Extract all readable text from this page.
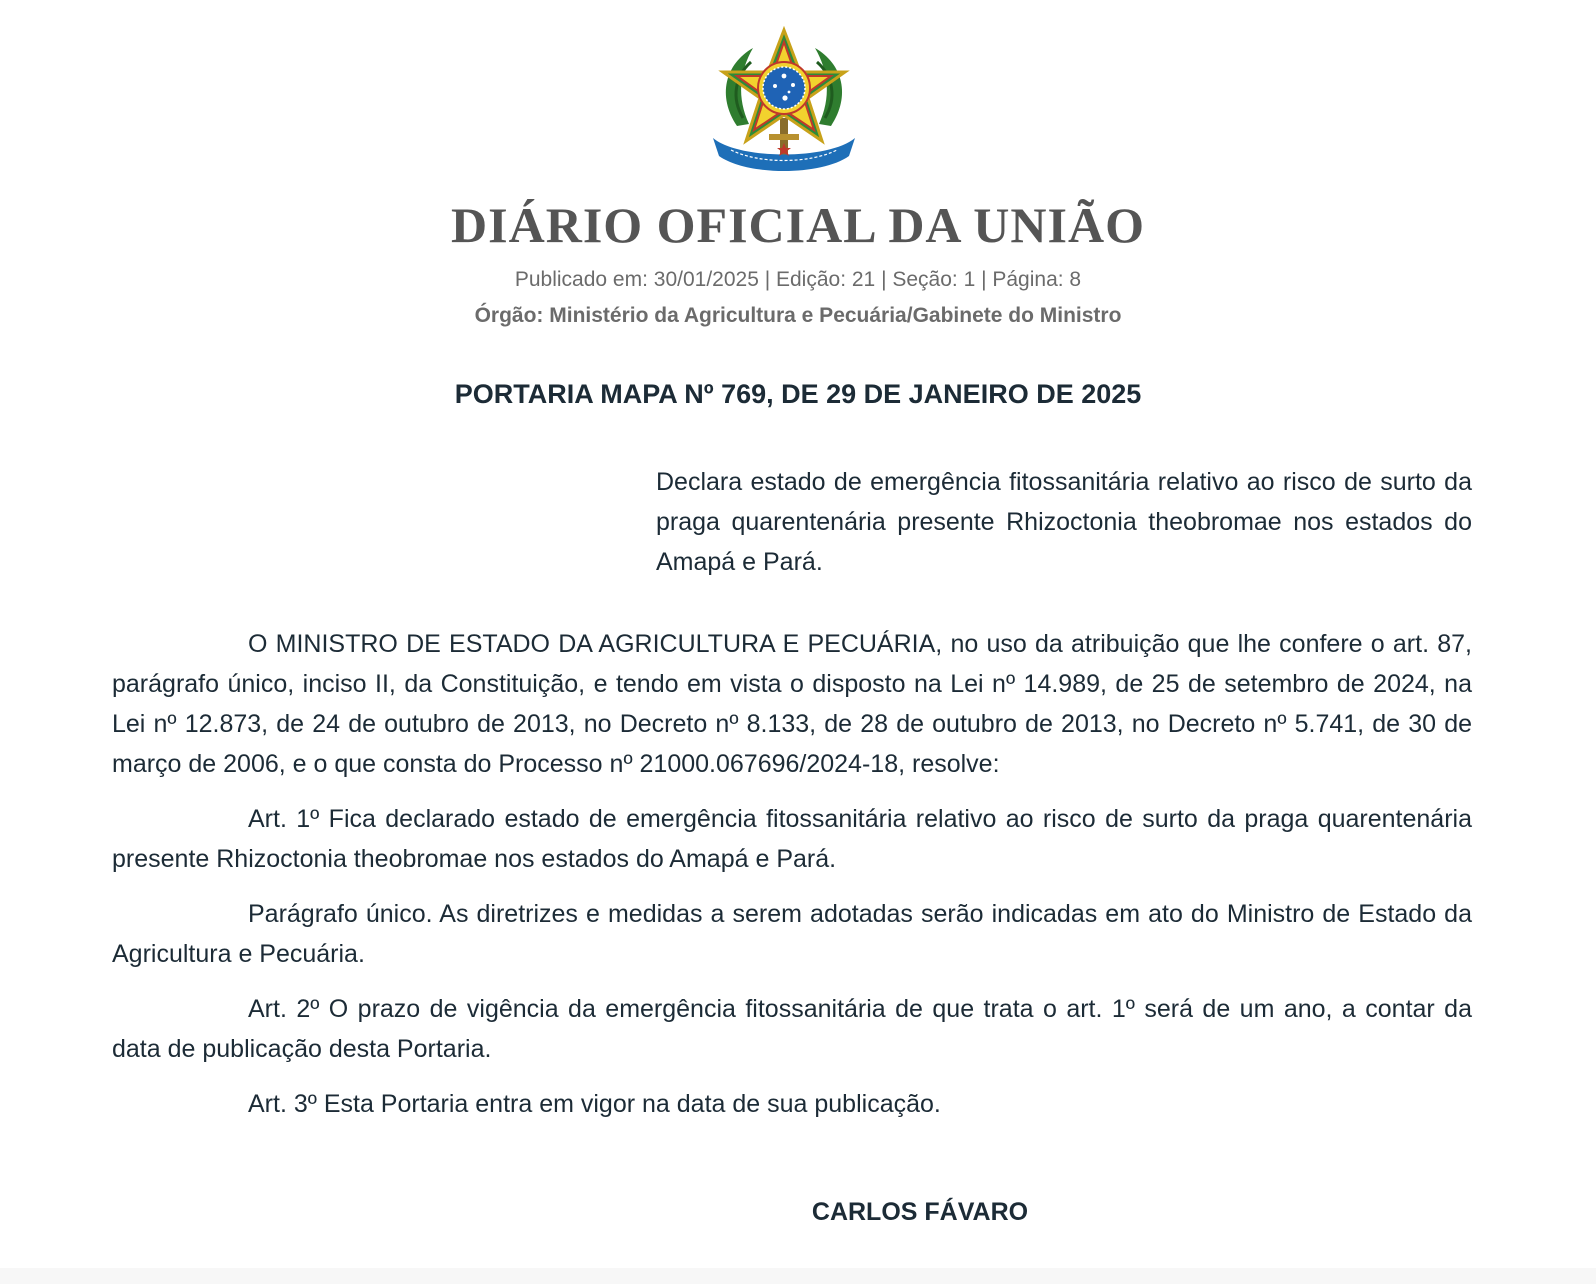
DIÁRIO OFICIAL DA UNIÃO
Publicado em: 30/01/2025 | Edição: 21 | Seção: 1 | Página: 8
Órgão: Ministério da Agricultura e Pecuária/Gabinete do Ministro
PORTARIA MAPA Nº 769, DE 29 DE JANEIRO DE 2025
Declara estado de emergência fitossanitária relativo ao risco de surto da praga quarentenária presente Rhizoctonia theobromae nos estados do Amapá e Pará.

O MINISTRO DE ESTADO DA AGRICULTURA E PECUÁRIA, no uso da atribuição que lhe confere o art. 87, parágrafo único, inciso II, da Constituição, e tendo em vista o disposto na Lei nº 14.989, de 25 de setembro de 2024, na Lei nº 12.873, de 24 de outubro de 2013, no Decreto nº 8.133, de 28 de outubro de 2013, no Decreto nº 5.741, de 30 de março de 2006, e o que consta do Processo nº 21000.067696/2024-18, resolve:

Art. 1º Fica declarado estado de emergência fitossanitária relativo ao risco de surto da praga quarentenária presente Rhizoctonia theobromae nos estados do Amapá e Pará.

Parágrafo único. As diretrizes e medidas a serem adotadas serão indicadas em ato do Ministro de Estado da Agricultura e Pecuária.

Art. 2º O prazo de vigência da emergência fitossanitária de que trata o art. 1º será de um ano, a contar da data de publicação desta Portaria.

Art. 3º Esta Portaria entra em vigor na data de sua publicação.

CARLOS FÁVARO
